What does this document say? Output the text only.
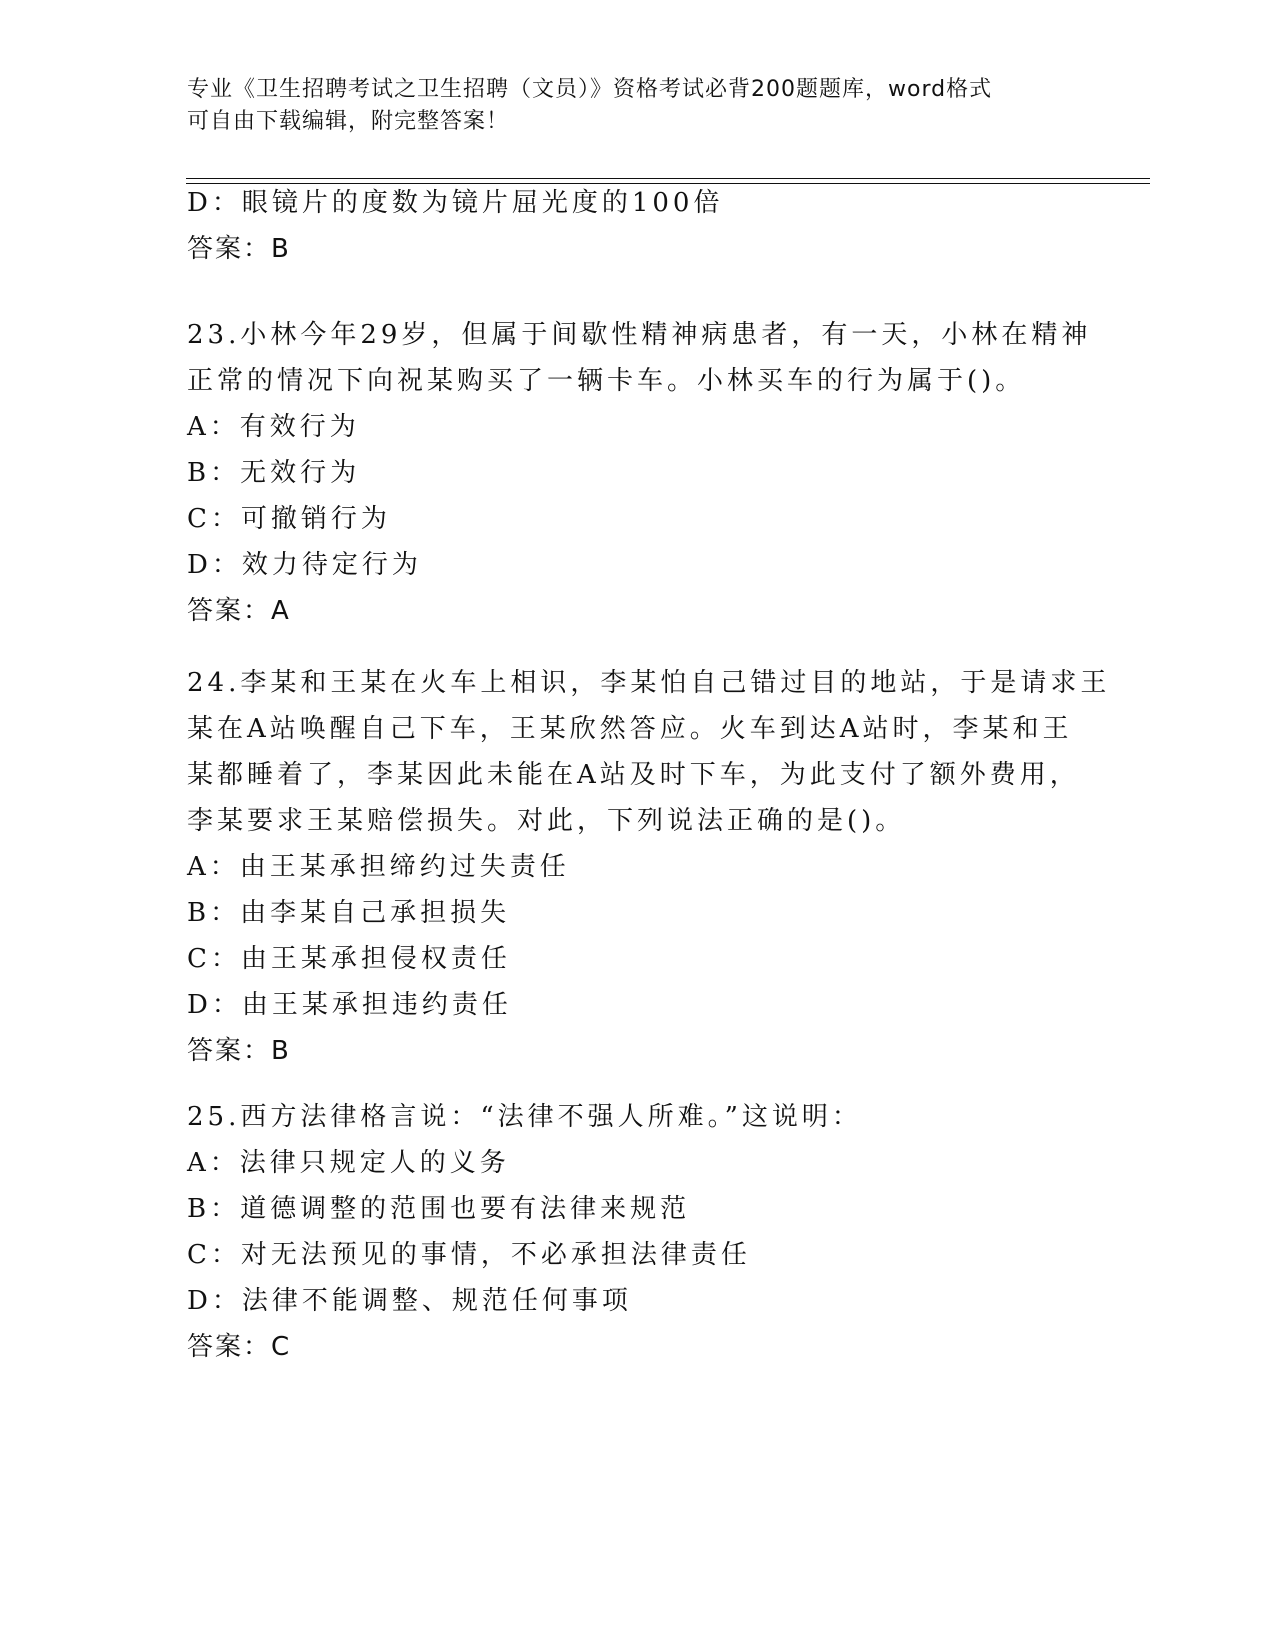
专业《卫生招聘考试之卫生招聘（文员）》资格考试必背200题题库，word格式
可自由下载编辑，附完整答案！
D：眼镜片的度数为镜片屈光度的100倍
答案：B
23.小林今年29岁，但属于间歇性精神病患者，有一天，小林在精神
正常的情况下向祝某购买了一辆卡车。小林买车的行为属于()。
A：有效行为
B：无效行为
C：可撤销行为
D：效力待定行为
答案：A
24.李某和王某在火车上相识，李某怕自己错过目的地站，于是请求王
某在A站唤醒自己下车，王某欣然答应。火车到达A站时，李某和王
某都睡着了，李某因此未能在A站及时下车，为此支付了额外费用，
李某要求王某赔偿损失。对此，下列说法正确的是()。
A：由王某承担缔约过失责任
B：由李某自己承担损失
C：由王某承担侵权责任
D：由王某承担违约责任
答案：B
25.西方法律格言说：“法律不强人所难。”这说明：
A：法律只规定人的义务
B：道德调整的范围也要有法律来规范
C：对无法预见的事情，不必承担法律责任
D：法律不能调整、规范任何事项
答案：C
